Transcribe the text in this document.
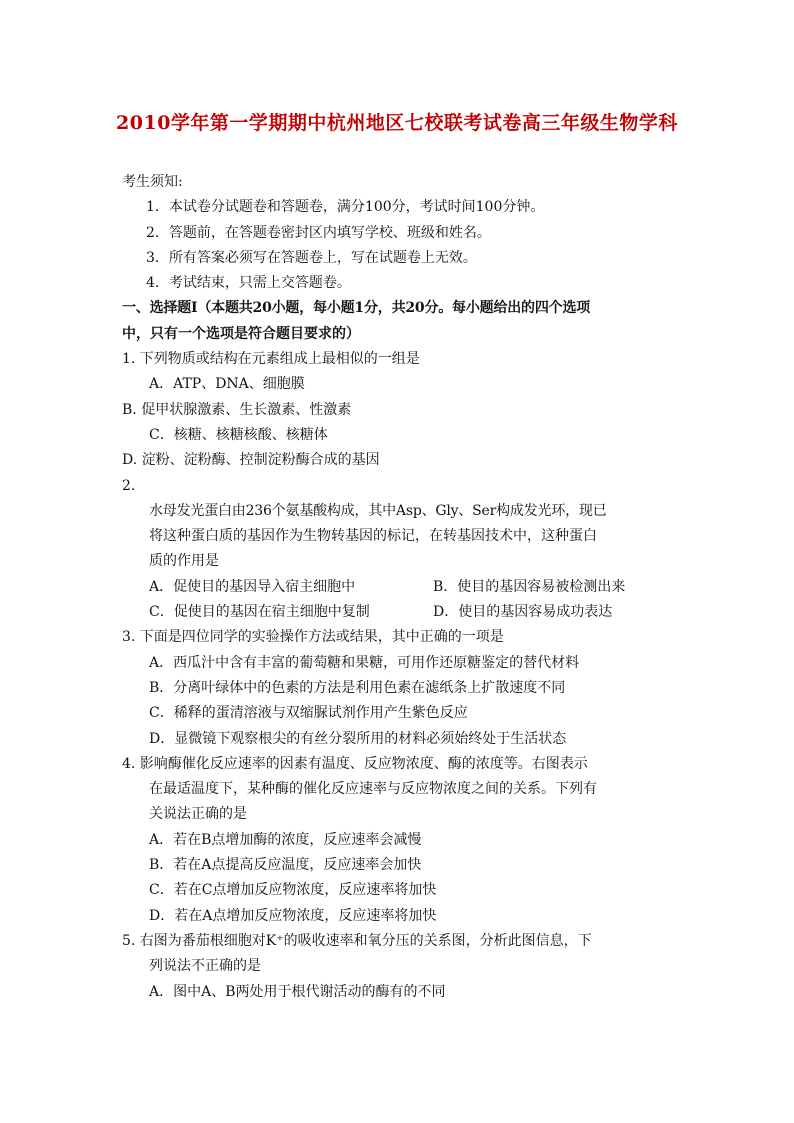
2010学年第一学期期中杭州地区七校联考试卷高三年级生物学科
考生须知:
1．本试卷分试题卷和答题卷，满分100分，考试时间100分钟。
2．答题前，在答题卷密封区内填写学校、班级和姓名。
3．所有答案必须写在答题卷上，写在试题卷上无效。
4．考试结束，只需上交答题卷。
一、选择题Ⅰ（本题共20小题，每小题1分，共20分。每小题给出的四个选项
中，只有一个选项是符合题目要求的）
1. 下列物质或结构在元素组成上最相似的一组是
A．ATP、DNA、细胞膜
B. 促甲状腺激素、生长激素、性激素
C．核糖、核糖核酸、核糖体
D. 淀粉、淀粉酶、控制淀粉酶合成的基因
2.
水母发光蛋白由236个氨基酸构成，其中Asp、Gly、Ser构成发光环，现已
将这种蛋白质的基因作为生物转基因的标记，在转基因技术中，这种蛋白
质的作用是
A．促使目的基因导入宿主细胞中	B．使目的基因容易被检测出来
C．促使目的基因在宿主细胞中复制	D．使目的基因容易成功表达
3. 下面是四位同学的实验操作方法或结果，其中正确的一项是
A．西瓜汁中含有丰富的葡萄糖和果糖，可用作还原糖鉴定的替代材料
B．分离叶绿体中的色素的方法是利用色素在滤纸条上扩散速度不同
C．稀释的蛋清溶液与双缩脲试剂作用产生紫色反应
D．显微镜下观察根尖的有丝分裂所用的材料必须始终处于生活状态
4. 影响酶催化反应速率的因素有温度、反应物浓度、酶的浓度等。右图表示
在最适温度下，某种酶的催化反应速率与反应物浓度之间的关系。下列有
关说法正确的是
A．若在B点增加酶的浓度，反应速率会减慢
B．若在A点提高反应温度，反应速率会加快
C．若在C点增加反应物浓度，反应速率将加快
D．若在A点增加反应物浓度，反应速率将加快
5. 右图为番茄根细胞对K⁺的吸收速率和氧分压的关系图，分析此图信息，下
列说法不正确的是
A．图中A、B两处用于根代谢活动的酶有的不同
